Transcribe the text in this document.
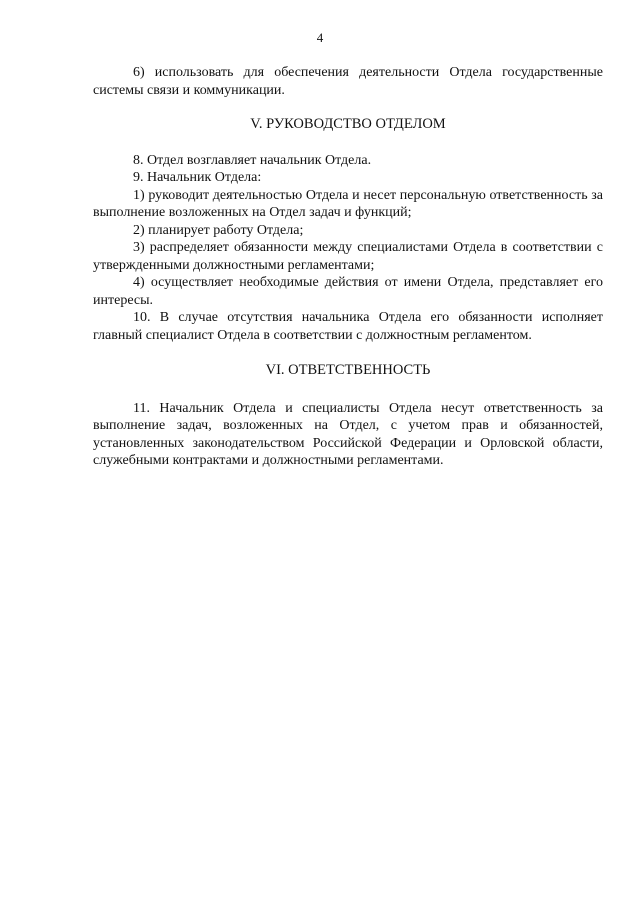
4

6) использовать для обеспечения деятельности Отдела государственные системы связи и коммуникации.

V. РУКОВОДСТВО ОТДЕЛОМ

8. Отдел возглавляет начальник Отдела.

9. Начальник Отдела:

1) руководит деятельностью Отдела и несет персональную ответственность за выполнение возложенных на Отдел задач и функций;

2) планирует работу Отдела;

3) распределяет обязанности между специалистами Отдела в соответствии с утвержденными должностными регламентами;

4) осуществляет необходимые действия от имени Отдела, представляет его интересы.

10. В случае отсутствия начальника Отдела его обязанности исполняет главный специалист Отдела в соответствии с должностным регламентом.

VI. ОТВЕТСТВЕННОСТЬ

11. Начальник Отдела и специалисты Отдела несут ответственность за выполнение задач, возложенных на Отдел, с учетом прав и обязанностей, установленных законодательством Российской Федерации и Орловской области, служебными контрактами и должностными регламентами.
